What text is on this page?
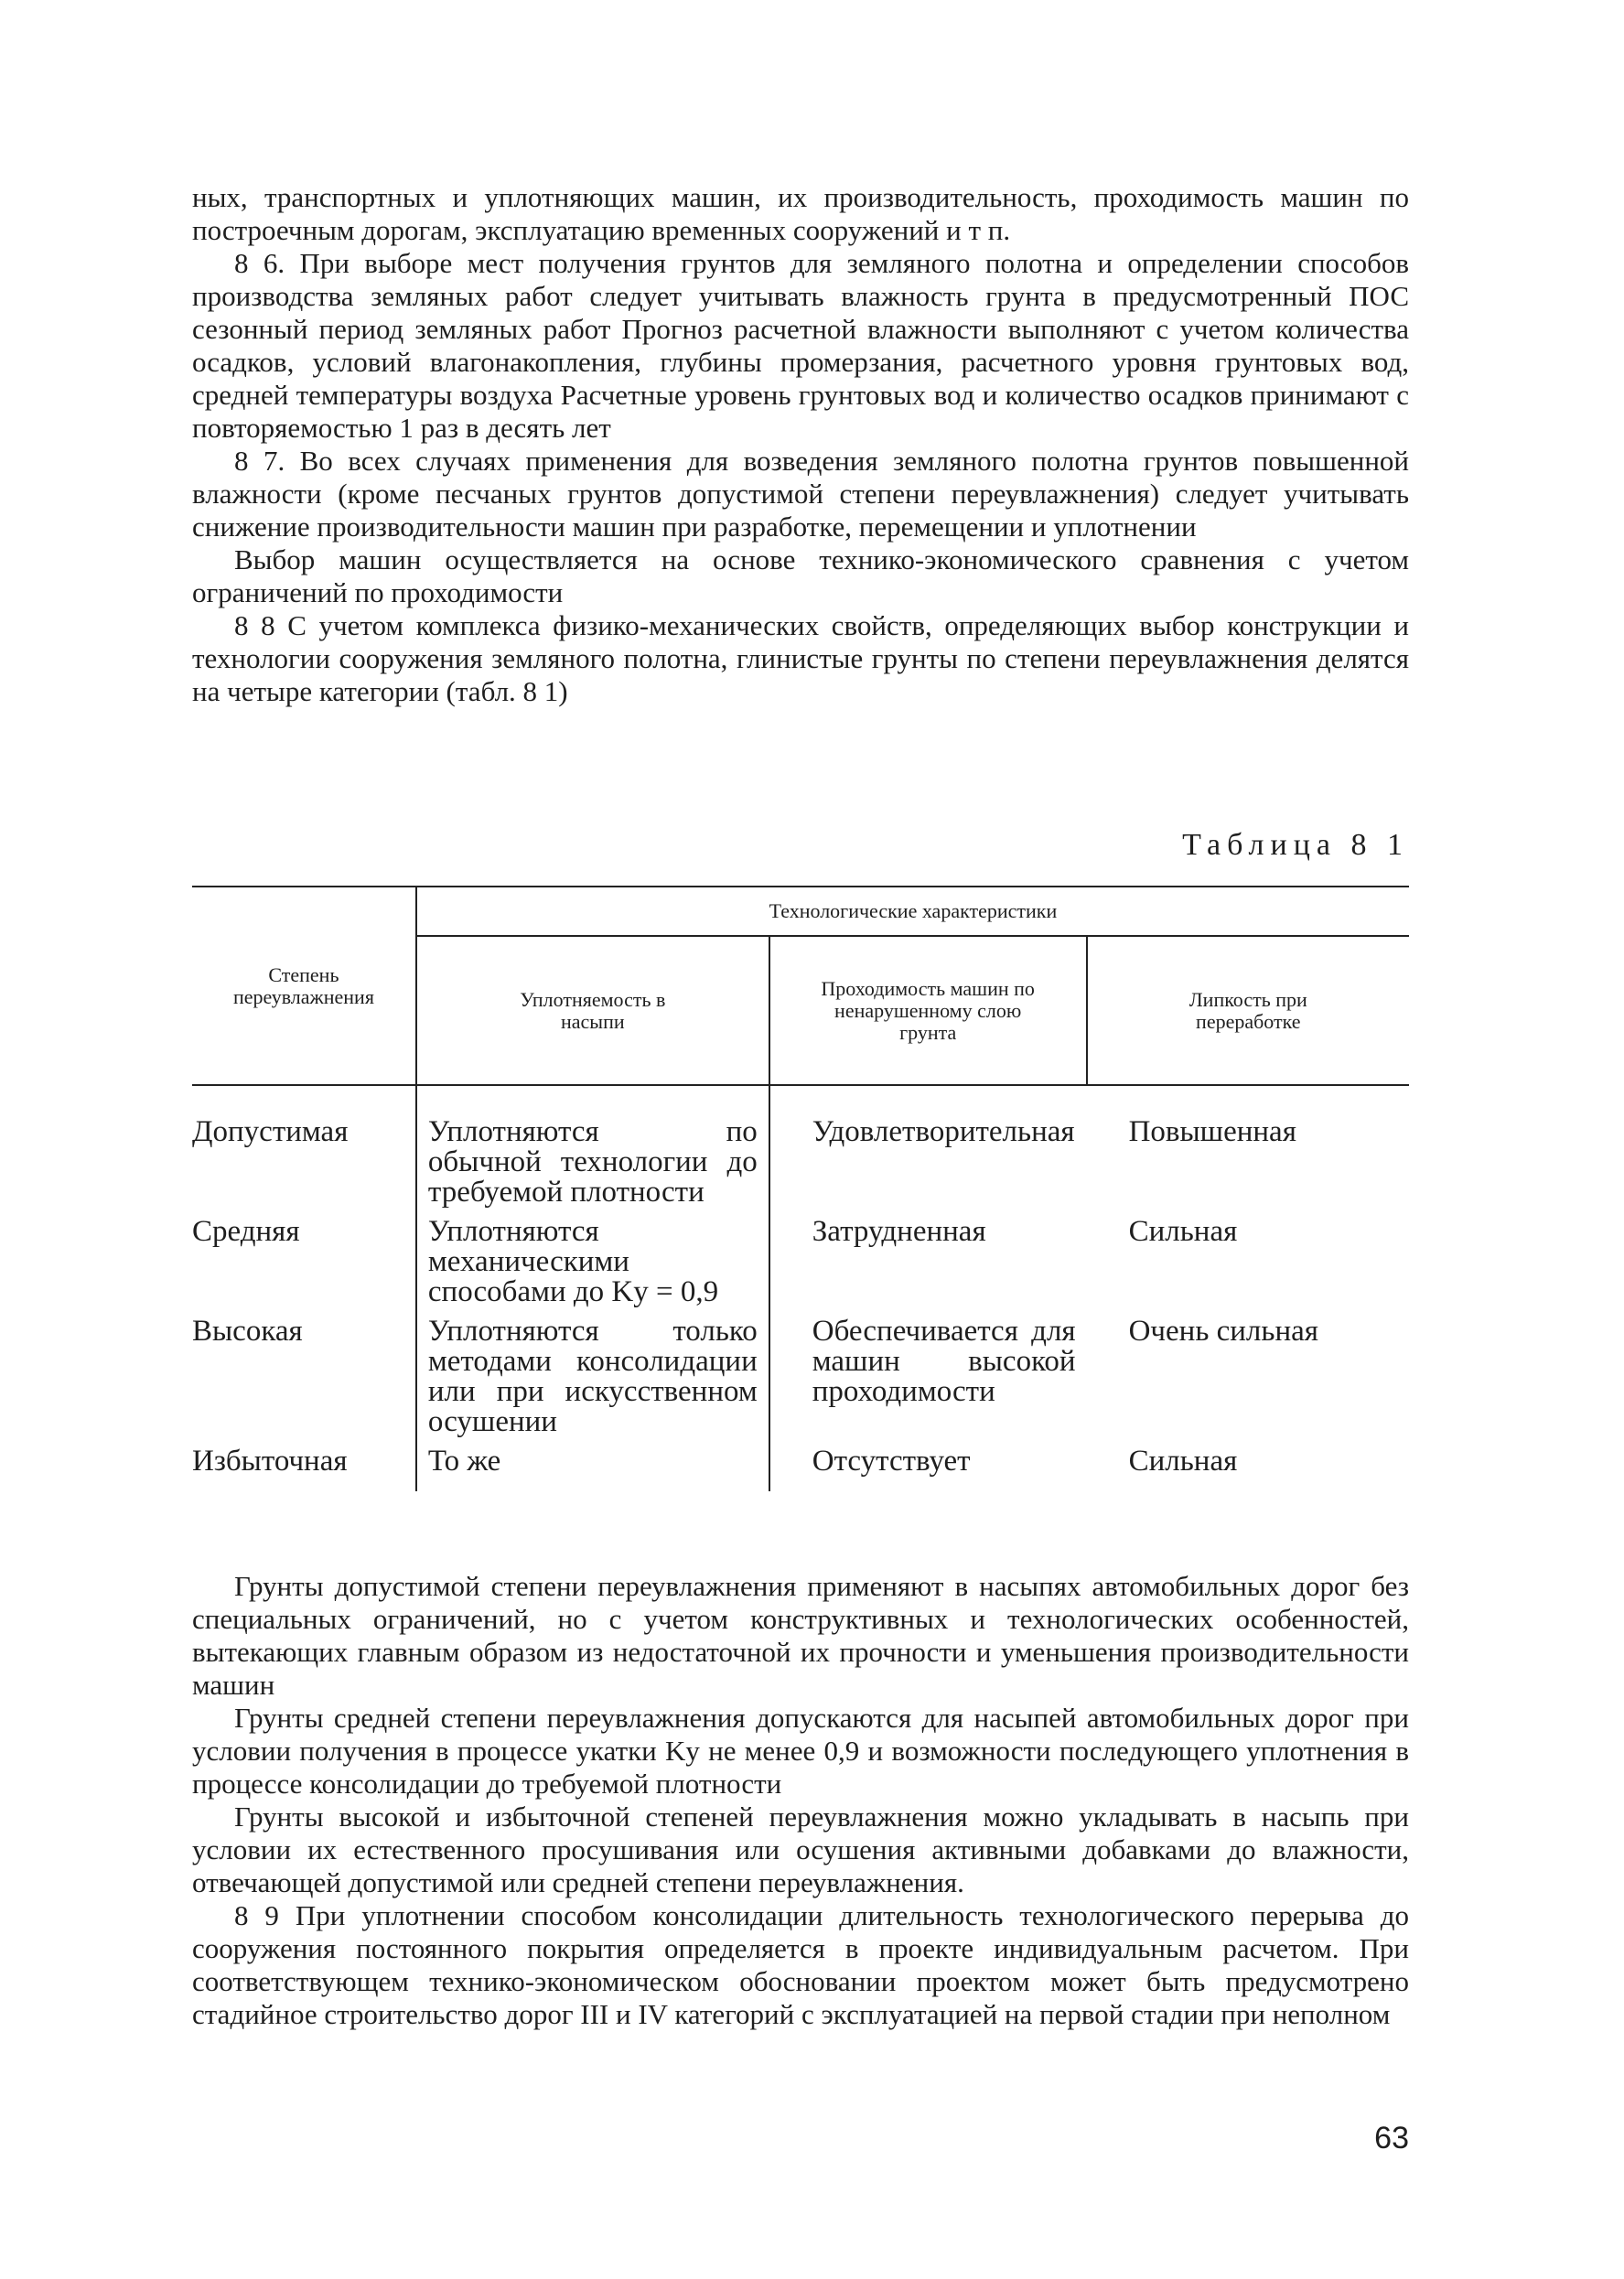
ных, транспортных и уплотняющих машин, их производительность, проходимость машин по построечным дорогам, эксплуатацию временных сооружений и т п.

8 6. При выборе мест получения грунтов для земляного полотна и определении способов производства земляных работ следует учитывать влажность грунта в предусмотренный ПОС сезонный период земляных работ Прогноз расчетной влажности выполняют с учетом количества осадков, условий влагонакопления, глубины промерзания, расчетного уровня грунтовых вод, средней температуры воздуха Расчетные уровень грунтовых вод и количество осадков принимают с повторяемостью 1 раз в десять лет

8 7. Во всех случаях применения для возведения земляного полотна грунтов повышенной влажности (кроме песчаных грунтов допустимой степени переувлажнения) следует учитывать снижение производительности машин при разработке, перемещении и уплотнении

Выбор машин осуществляется на основе технико-экономического сравнения с учетом ограничений по проходимости

8 8 С учетом комплекса физико-механических свойств, определяющих выбор конструкции и технологии сооружения земляного полотна, глинистые грунты по степени переувлажнения делятся на четыре категории (табл. 8 1)

Таблица 8 1
Степень переувлажнения	Технологические характеристики		
	Уплотняемость в насыпи	Проходимость машин по ненарушенному слою грунта	Липкость при переработке

Допустимая	Уплотняются по обычной технологии до требуемой плотности	Удовлетворительная	Повышенная
Средняя	Уплотняются механическими способами до Kу = 0,9	Затрудненная	Сильная
Высокая	Уплотняются только методами консолидации или при искусственном осушении	Обеспечивается для машин высокой проходимости	Очень сильная
Избыточная	То же	Отсутствует	Сильная

Грунты допустимой степени переувлажнения применяют в насыпях автомобильных дорог без специальных ограничений, но с учетом конструктивных и технологических особенностей, вытекающих главным образом из недостаточной их прочности и уменьшения производительности машин

Грунты средней степени переувлажнения допускаются для насыпей автомобильных дорог при условии получения в процессе укатки Kу не менее 0,9 и возможности последующего уплотнения в процессе консолидации до требуемой плотности

Грунты высокой и избыточной степеней переувлажнения можно укладывать в насыпь при условии их естественного просушивания или осушения активными добавками до влажности, отвечающей допустимой или средней степени переувлажнения.

8 9 При уплотнении способом консолидации длительность технологического перерыва до сооружения постоянного покрытия определяется в проекте индивидуальным расчетом. При соответствующем технико-экономическом обосновании проектом может быть предусмотрено стадийное строительство дорог III и IV категорий с эксплуатацией на первой стадии при неполном

63
